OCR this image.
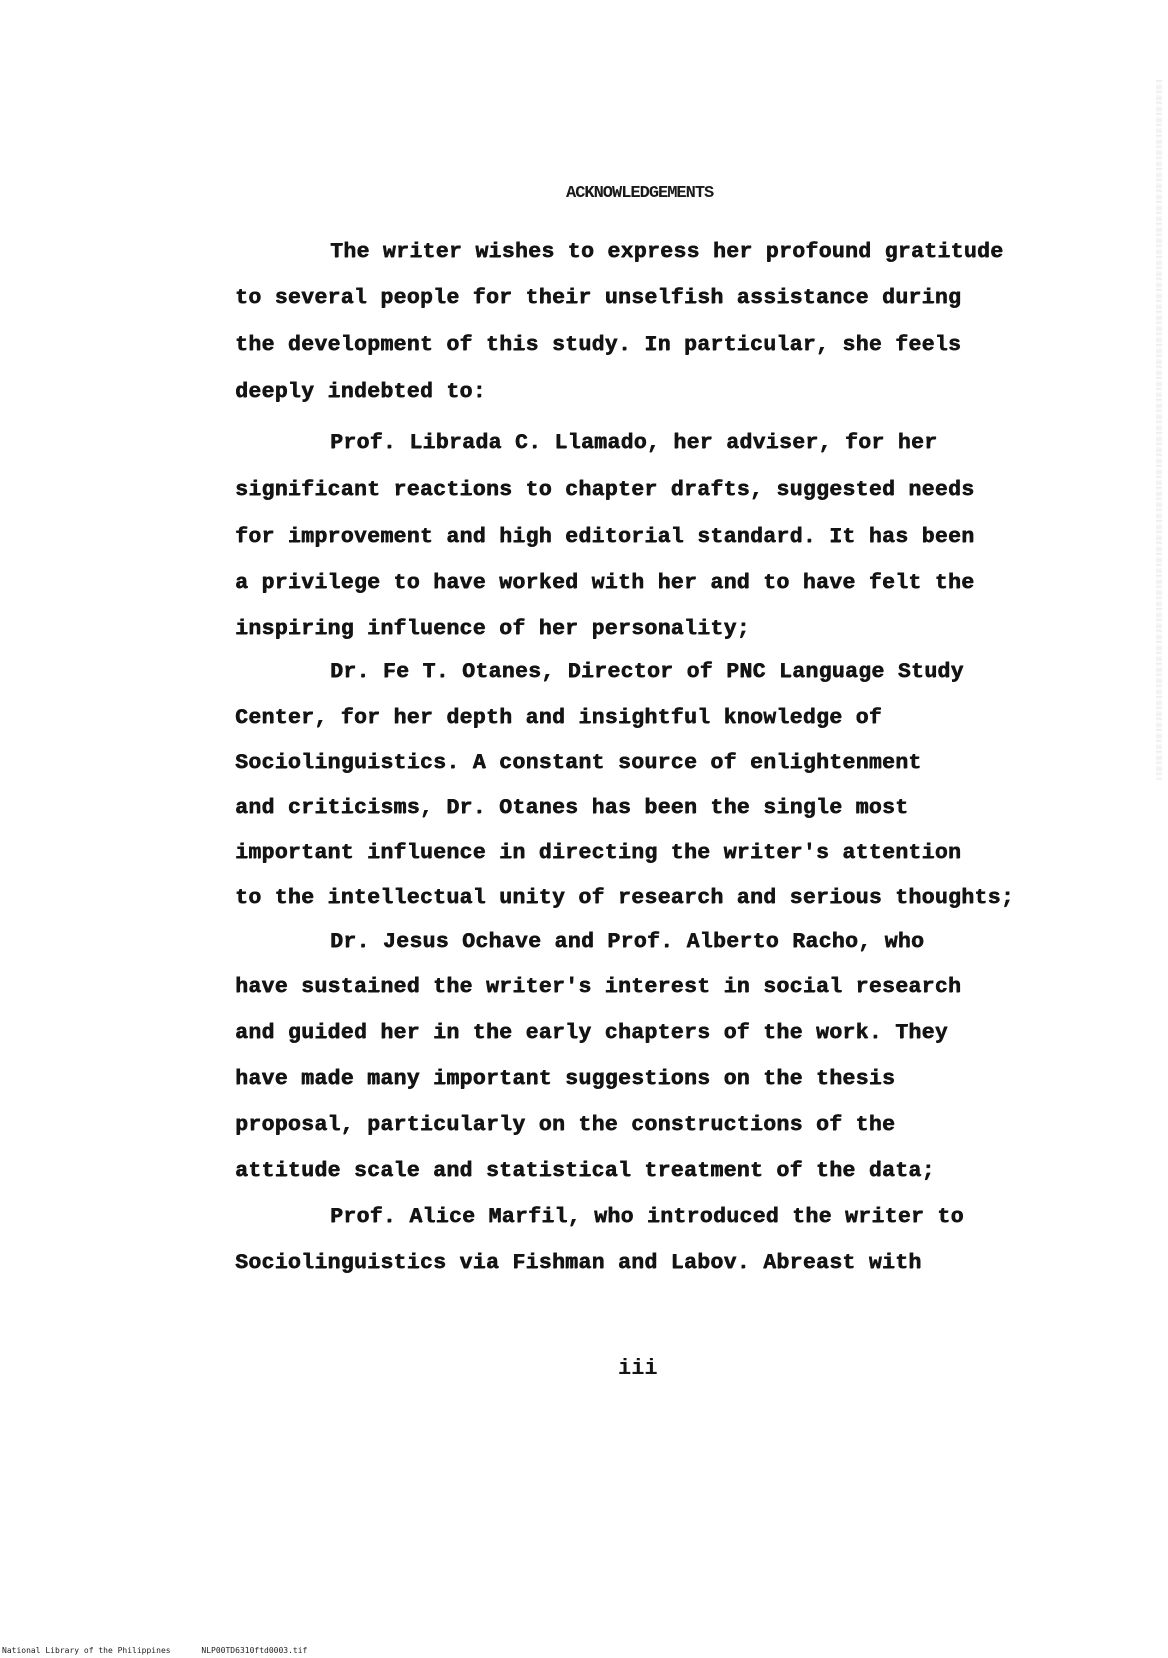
ACKNOWLEDGEMENTS
The writer wishes to express her profound gratitude
to several people for their unselfish assistance during
the development of this study. In particular, she feels
deeply indebted to:
Prof. Librada C. Llamado, her adviser, for her
significant reactions to chapter drafts, suggested needs
for improvement and high editorial standard. It has been
a privilege to have worked with her and to have felt the
inspiring influence of her personality;
Dr. Fe T. Otanes, Director of PNC Language Study
Center, for her depth and insightful knowledge of
Sociolinguistics. A constant source of enlightenment
and criticisms, Dr. Otanes has been the single most
important influence in directing the writer's attention
to the intellectual unity of research and serious thoughts;
Dr. Jesus Ochave and Prof. Alberto Racho, who
have sustained the writer's interest in social research
and guided her in the early chapters of the work. They
have made many important suggestions on the thesis
proposal, particularly on the constructions of the
attitude scale and statistical treatment of the data;
Prof. Alice Marfil, who introduced the writer to
Sociolinguistics via Fishman and Labov. Abreast with
iii
National Library of the Philippines	NLP00TD6310ftd0003.tif
